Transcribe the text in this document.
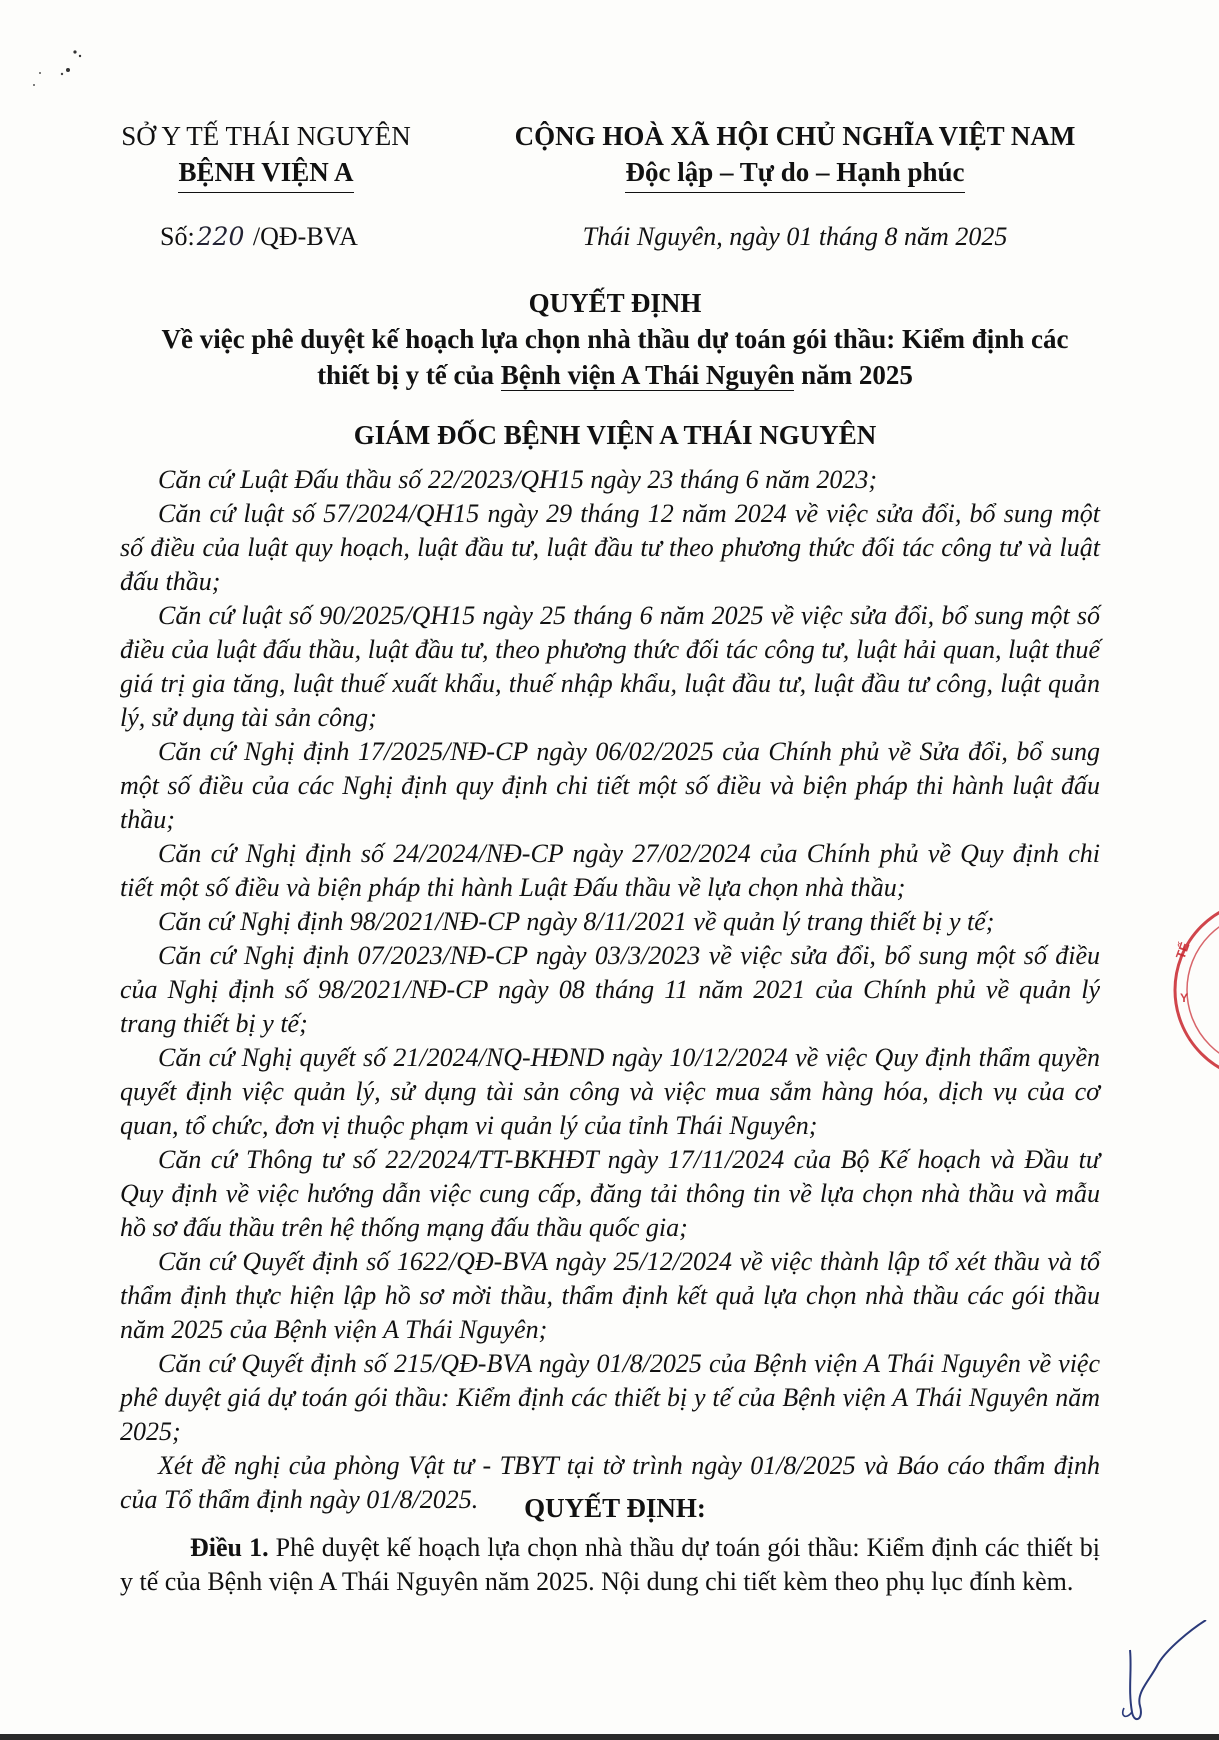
SỞ Y TẾ THÁI NGUYÊN
BỆNH VIỆN A
CỘNG HOÀ XÃ HỘI CHỦ NGHĨA VIỆT NAM
Độc lập – Tự do – Hạnh phúc
Số:220 /QĐ-BVA	Thái Nguyên, ngày 01 tháng 8 năm 2025
QUYẾT ĐỊNH
Về việc phê duyệt kế hoạch lựa chọn nhà thầu dự toán gói thầu: Kiểm định các
thiết bị y tế của Bệnh viện A Thái Nguyên năm 2025
GIÁM ĐỐC BỆNH VIỆN A THÁI NGUYÊN

Căn cứ Luật Đấu thầu số 22/2023/QH15 ngày 23 tháng 6 năm 2023;

Căn cứ luật số 57/2024/QH15 ngày 29 tháng 12 năm 2024 về việc sửa đổi, bổ sung một số điều của luật quy hoạch, luật đầu tư, luật đầu tư theo phương thức đối tác công tư và luật đấu thầu;

Căn cứ luật số 90/2025/QH15 ngày 25 tháng 6 năm 2025 về việc sửa đổi, bổ sung một số điều của luật đấu thầu, luật đầu tư, theo phương thức đối tác công tư, luật hải quan, luật thuế giá trị gia tăng, luật thuế xuất khẩu, thuế nhập khẩu, luật đầu tư, luật đầu tư công, luật quản lý, sử dụng tài sản công;

Căn cứ Nghị định 17/2025/NĐ-CP ngày 06/02/2025 của Chính phủ về Sửa đổi, bổ sung một số điều của các Nghị định quy định chi tiết một số điều và biện pháp thi hành luật đấu thầu;

Căn cứ Nghị định số 24/2024/NĐ-CP ngày 27/02/2024 của Chính phủ về Quy định chi tiết một số điều và biện pháp thi hành Luật Đấu thầu về lựa chọn nhà thầu;

Căn cứ Nghị định 98/2021/NĐ-CP ngày 8/11/2021 về quản lý trang thiết bị y tế;

Căn cứ Nghị định 07/2023/NĐ-CP ngày 03/3/2023 về việc sửa đổi, bổ sung một số điều của Nghị định số 98/2021/NĐ-CP ngày 08 tháng 11 năm 2021 của Chính phủ về quản lý trang thiết bị y tế;

Căn cứ Nghị quyết số 21/2024/NQ-HĐND ngày 10/12/2024 về việc Quy định thẩm quyền quyết định việc quản lý, sử dụng tài sản công và việc mua sắm hàng hóa, dịch vụ của cơ quan, tổ chức, đơn vị thuộc phạm vi quản lý của tỉnh Thái Nguyên;

Căn cứ Thông tư số 22/2024/TT-BKHĐT ngày 17/11/2024 của Bộ Kế hoạch và Đầu tư Quy định về việc hướng dẫn việc cung cấp, đăng tải thông tin về lựa chọn nhà thầu và mẫu hồ sơ đấu thầu trên hệ thống mạng đấu thầu quốc gia;

Căn cứ Quyết định số 1622/QĐ-BVA ngày 25/12/2024 về việc thành lập tổ xét thầu và tổ thẩm định thực hiện lập hồ sơ mời thầu, thẩm định kết quả lựa chọn nhà thầu các gói thầu năm 2025 của Bệnh viện A Thái Nguyên;

Căn cứ Quyết định số 215/QĐ-BVA ngày 01/8/2025 của Bệnh viện A Thái Nguyên về việc phê duyệt giá dự toán gói thầu: Kiểm định các thiết bị y tế của Bệnh viện A Thái Nguyên năm 2025;

Xét đề nghị của phòng Vật tư - TBYT tại tờ trình ngày 01/8/2025 và Báo cáo thẩm định của Tổ thẩm định ngày 01/8/2025.	QUYẾT ĐỊNH:

Điều 1. Phê duyệt kế hoạch lựa chọn nhà thầu dự toán gói thầu: Kiểm định các thiết bị y tế của Bệnh viện A Thái Nguyên năm 2025. Nội dung chi tiết kèm theo phụ lục đính kèm.

TẾ
Y
·
